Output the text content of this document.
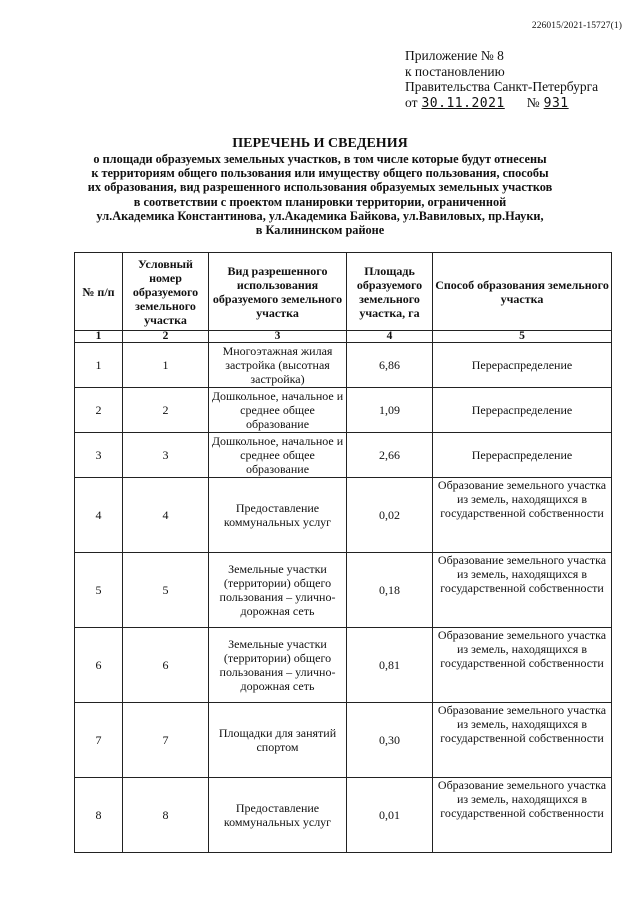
226015/2021-15727(1)
Приложение № 8
к постановлению
Правительства Санкт-Петербурга
от 30.11.2021 № 931
ПЕРЕЧЕНЬ И СВЕДЕНИЯ
о площади образуемых земельных участков, в том числе которые будут отнесены
к территориям общего пользования или имуществу общего пользования, способы
их образования, вид разрешенного использования образуемых земельных участков
в соответствии с проектом планировки территории, ограниченной
ул.Академика Константинова, ул.Академика Байкова, ул.Вавиловых, пр.Науки,
в Калининском районе
№ п/п	Условный номер образуемого земельного участка	Вид разрешенного использования образуемого земельного участка	Площадь образуемого земельного участка, га	Способ образования земельного участка
1	2	3	4	5
1	1	Многоэтажная жилая застройка (высотная застройка)	6,86	Перераспределение
2	2	Дошкольное, начальное и среднее общее образование	1,09	Перераспределение
3	3	Дошкольное, начальное и среднее общее образование	2,66	Перераспределение
4	4	Предоставление коммунальных услуг	0,02	Образование земельного участка из земель, находящихся в государственной собственности
5	5	Земельные участки (территории) общего пользования – улично-дорожная сеть	0,18	Образование земельного участка из земель, находящихся в государственной собственности
6	6	Земельные участки (территории) общего пользования – улично-дорожная сеть	0,81	Образование земельного участка из земель, находящихся в государственной собственности
7	7	Площадки для занятий спортом	0,30	Образование земельного участка из земель, находящихся в государственной собственности
8	8	Предоставление коммунальных услуг	0,01	Образование земельного участка из земель, находящихся в государственной собственности
